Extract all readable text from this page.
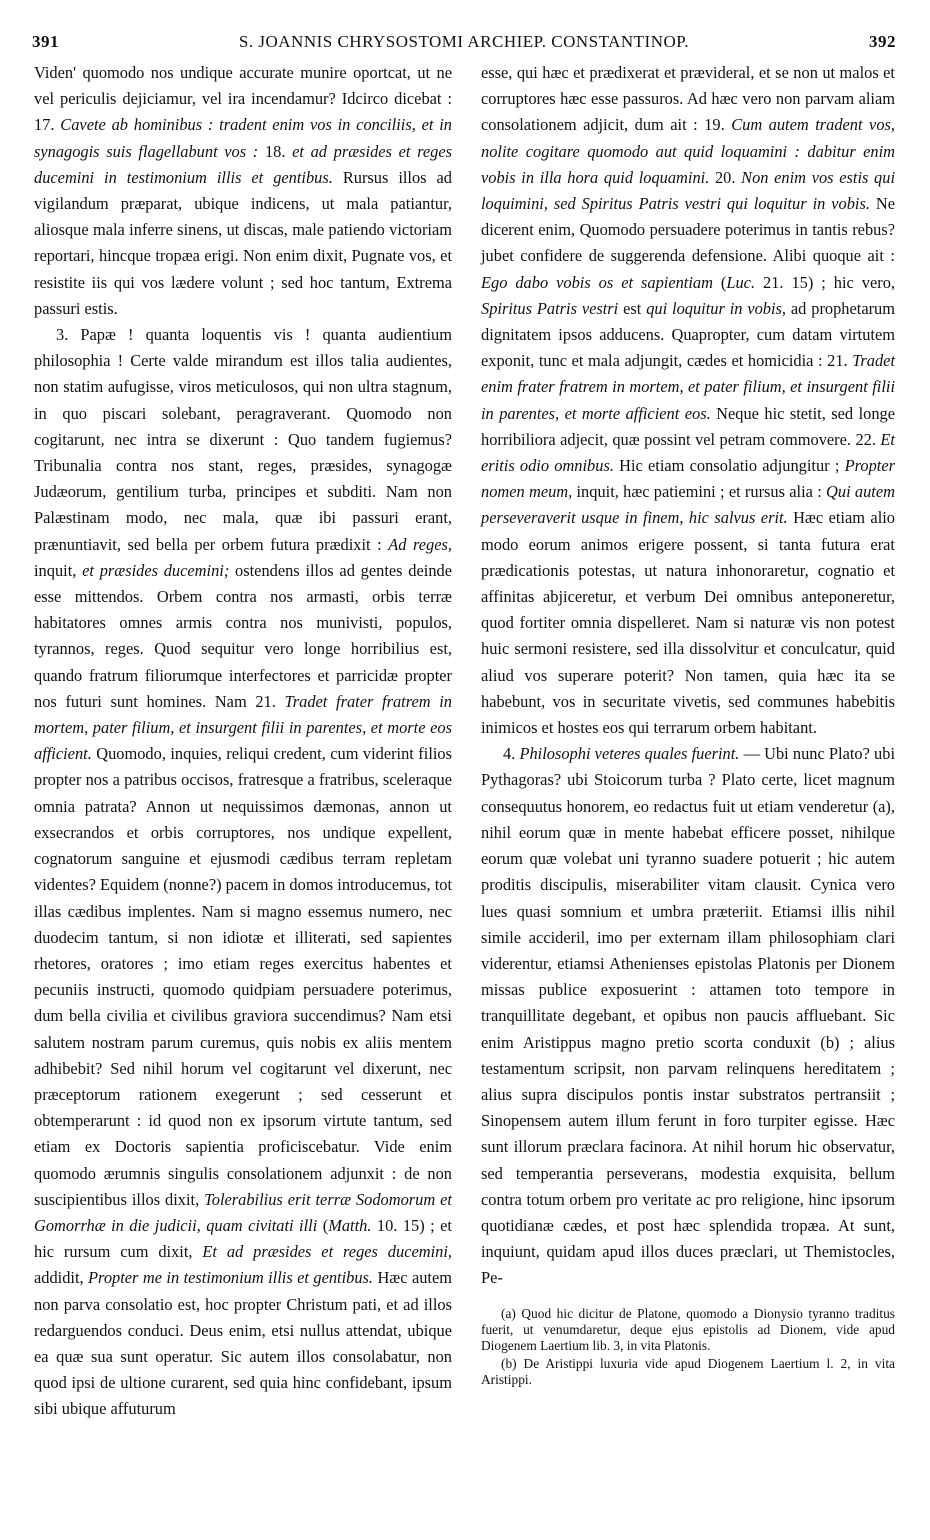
391	S. JOANNIS CHRYSOSTOMI ARCHIEP. CONSTANTINOP.	392

Viden' quomodo nos undique accurate munire oportcat, ut ne vel periculis dejiciamur, vel ira incendamur? Idcirco dicebat : 17. Cavete ab hominibus : tradent enim vos in conciliis, et in synagogis suis flagellabunt vos : 18. et ad præsides et reges ducemini in testimonium illis et gentibus. Rursus illos ad vigilandum præparat, ubique indicens, ut mala patiantur, aliosque mala inferre sinens, ut discas, male patiendo victoriam reportari, hincque tropæa erigi. Non enim dixit, Pugnate vos, et resistite iis qui vos lædere volunt ; sed hoc tantum, Extrema passuri estis.

3. Papæ ! quanta loquentis vis ! quanta audientium philosophia ! Certe valde mirandum est illos talia audientes, non statim aufugisse, viros meticulosos, qui non ultra stagnum, in quo piscari solebant, peragraverant. Quomodo non cogitarunt, nec intra se dixerunt : Quo tandem fugiemus? Tribunalia contra nos stant, reges, præsides, synagogæ Judæorum, gentilium turba, principes et subditi. Nam non Palæstinam modo, nec mala, quæ ibi passuri erant, prænuntiavit, sed bella per orbem futura prædixit : Ad reges, inquit, et præsides ducemini; ostendens illos ad gentes deinde esse mittendos. Orbem contra nos armasti, orbis terræ habitatores omnes armis contra nos munivisti, populos, tyrannos, reges. Quod sequitur vero longe horribilius est, quando fratrum filiorumque interfectores et parricidæ propter nos futuri sunt homines. Nam 21. Tradet frater fratrem in mortem, pater filium, et insurgent filii in parentes, et morte eos afficient. Quomodo, inquies, reliqui credent, cum viderint filios propter nos a patribus occisos, fratresque a fratribus, sceleraque omnia patrata? Annon ut nequissimos dæmonas, annon ut exsecrandos et orbis corruptores, nos undique expellent, cognatorum sanguine et ejusmodi cædibus terram repletam videntes? Equidem (nonne?) pacem in domos introducemus, tot illas cædibus implentes. Nam si magno essemus numero, nec duodecim tantum, si non idiotæ et illiterati, sed sapientes rhetores, oratores ; imo etiam reges exercitus habentes et pecuniis instructi, quomodo quidpiam persuadere poterimus, dum bella civilia et civilibus graviora succendimus? Nam etsi salutem nostram parum curemus, quis nobis ex aliis mentem adhibebit? Sed nihil horum vel cogitarunt vel dixerunt, nec præceptorum rationem exegerunt ; sed cesserunt et obtemperarunt : id quod non ex ipsorum virtute tantum, sed etiam ex Doctoris sapientia proficiscebatur. Vide enim quomodo ærumnis singulis consolationem adjunxit : de non suscipientibus illos dixit, Tolerabilius erit terræ Sodomorum et Gomorrhæ in die judicii, quam civitati illi (Matth. 10. 15) ; et hic rursum cum dixit, Et ad præsides et reges ducemini, addidit, Propter me in testimonium illis et gentibus. Hæc autem non parva consolatio est, hoc propter Christum pati, et ad illos redarguendos conduci. Deus enim, etsi nullus attendat, ubique ea quæ sua sunt operatur. Sic autem illos consolabatur, non quod ipsi de ultione curarent, sed quia hinc confidebant, ipsum sibi ubique affuturum

esse, qui hæc et prædixerat et prævideral, et se non ut malos et corruptores hæc esse passuros. Ad hæc vero non parvam aliam consolationem adjicit, dum ait : 19. Cum autem tradent vos, nolite cogitare quomodo aut quid loquamini : dabitur enim vobis in illa hora quid loquamini. 20. Non enim vos estis qui loquimini, sed Spiritus Patris vestri qui loquitur in vobis. Ne dicerent enim, Quomodo persuadere poterimus in tantis rebus? jubet confidere de suggerenda defensione. Alibi quoque ait : Ego dabo vobis os et sapientiam (Luc. 21. 15) ; hic vero, Spiritus Patris vestri est qui loquitur in vobis, ad prophetarum dignitatem ipsos adducens. Quapropter, cum datam virtutem exponit, tunc et mala adjungit, cædes et homicidia : 21. Tradet enim frater fratrem in mortem, et pater filium, et insurgent filii in parentes, et morte afficient eos. Neque hic stetit, sed longe horribiliora adjecit, quæ possint vel petram commovere. 22. Et eritis odio omnibus. Hic etiam consolatio adjungitur ; Propter nomen meum, inquit, hæc patiemini ; et rursus alia : Qui autem perseveraverit usque in finem, hic salvus erit. Hæc etiam alio modo eorum animos erigere possent, si tanta futura erat prædicationis potestas, ut natura inhonoraretur, cognatio et affinitas abjiceretur, et verbum Dei omnibus anteponeretur, quod fortiter omnia dispelleret. Nam si naturæ vis non potest huic sermoni resistere, sed illa dissolvitur et conculcatur, quid aliud vos superare poterit? Non tamen, quia hæc ita se habebunt, vos in securitate vivetis, sed communes habebitis inimicos et hostes eos qui terrarum orbem habitant.

4. Philosophi veteres quales fuerint. — Ubi nunc Plato? ubi Pythagoras? ubi Stoicorum turba ? Plato certe, licet magnum consequutus honorem, eo redactus fuit ut etiam venderetur (a), nihil eorum quæ in mente habebat efficere posset, nihilque eorum quæ volebat uni tyranno suadere potuerit ; hic autem proditis discipulis, miserabiliter vitam clausit. Cynica vero lues quasi somnium et umbra præteriit. Etiamsi illis nihil simile accideril, imo per externam illam philosophiam clari viderentur, etiamsi Athenienses epistolas Platonis per Dionem missas publice exposuerint : attamen toto tempore in tranquillitate degebant, et opibus non paucis affluebant. Sic enim Aristippus magno pretio scorta conduxit (b) ; alius testamentum scripsit, non parvam relinquens hereditatem ; alius supra discipulos pontis instar substratos pertransiit ; Sinopensem autem illum ferunt in foro turpiter egisse. Hæc sunt illorum præclara facinora. At nihil horum hic observatur, sed temperantia perseverans, modestia exquisita, bellum contra totum orbem pro veritate ac pro religione, hinc ipsorum quotidianæ cædes, et post hæc splendida tropæa. At sunt, inquiunt, quidam apud illos duces præclari, ut Themistocles, Pe-

(a) Quod hic dicitur de Platone, quomodo a Dionysio tyranno traditus fuerit, ut venumdaretur, deque ejus epistolis ad Dionem, vide apud Diogenem Laertium lib. 3, in vita Platonis.

(b) De Aristippi luxuria vide apud Diogenem Laertium l. 2, in vita Aristippi.
